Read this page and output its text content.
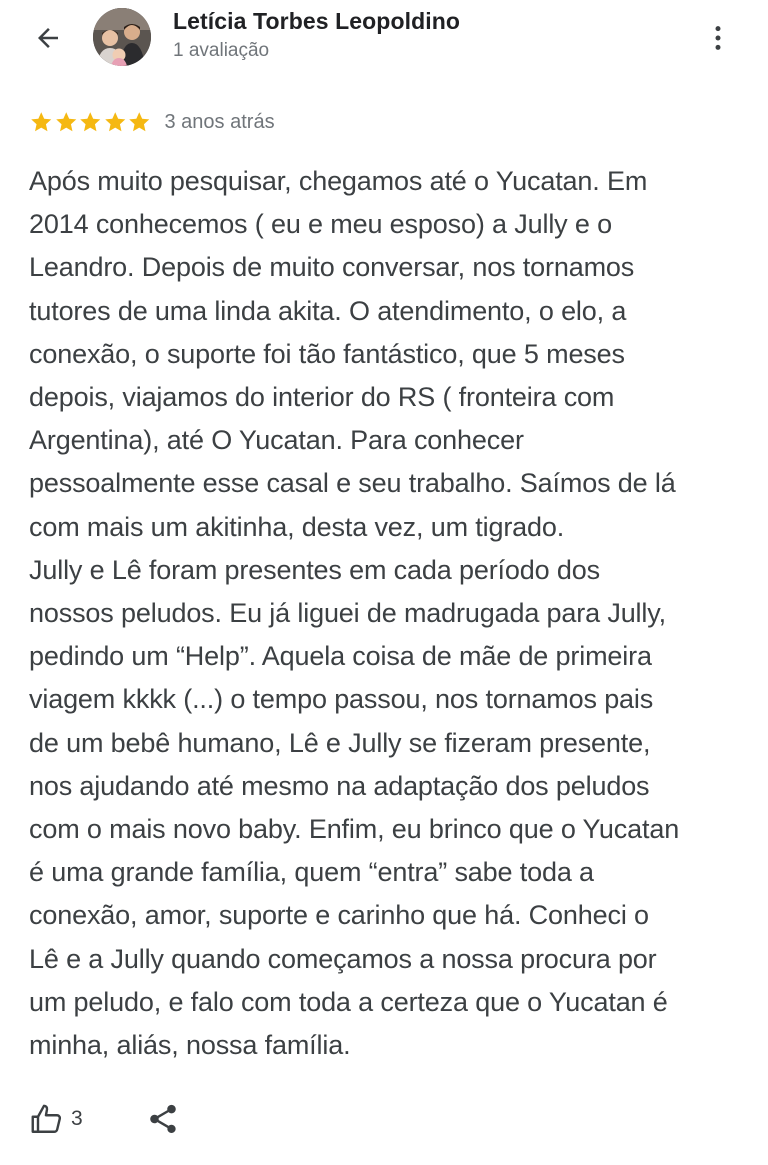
Letícia Torbes Leopoldino
1 avaliação
3 anos atrás

Após muito pesquisar, chegamos até o Yucatan. Em
2014 conhecemos ( eu e meu esposo) a Jully e o
Leandro. Depois de muito conversar, nos tornamos
tutores de uma linda akita. O atendimento, o elo, a
conexão, o suporte foi tão fantástico, que 5 meses
depois, viajamos do interior do RS ( fronteira com
Argentina), até O Yucatan. Para conhecer
pessoalmente esse casal e seu trabalho. Saímos de lá
com mais um akitinha, desta vez, um tigrado.
Jully e Lê foram presentes em cada período dos
nossos peludos. Eu já liguei de madrugada para Jully,
pedindo um “Help”. Aquela coisa de mãe de primeira
viagem kkkk (...) o tempo passou, nos tornamos pais
de um bebê humano, Lê e Jully se fizeram presente,
nos ajudando até mesmo na adaptação dos peludos
com o mais novo baby. Enfim, eu brinco que o Yucatan
é uma grande família, quem “entra” sabe toda a
conexão, amor, suporte e carinho que há. Conheci o
Lê e a Jully quando começamos a nossa procura por
um peludo, e falo com toda a certeza que o Yucatan é
minha, aliás, nossa família.

3
